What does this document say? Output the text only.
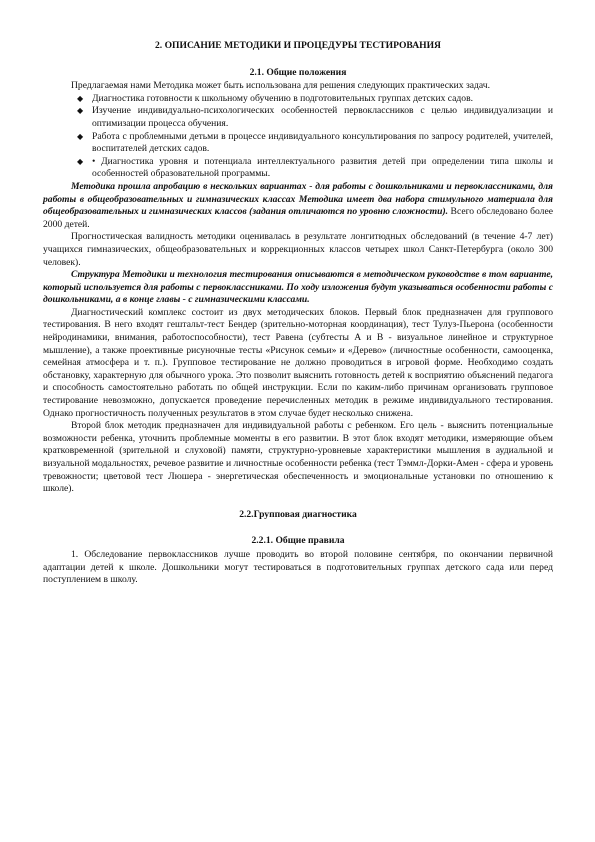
2. ОПИСАНИЕ МЕТОДИКИ И ПРОЦЕДУРЫ ТЕСТИРОВАНИЯ
2.1. Общие положения

Предлагаемая нами Методика может быть использована для решения следующих практических задач.

◆ Диагностика готовности к школьному обучению в подготовительных группах детских садов.
◆ Изучение индивидуально-психологических особенностей первоклассников с целью индивидуализации и оптимизации процесса обучения.
◆ Работа с проблемными детьми в процессе индивидуального консультирования по запросу родителей, учителей, воспитателей детских садов.
◆ • Диагностика уровня и потенциала интеллектуального развития детей при определении типа школы и особенностей образовательной программы.

Методика прошла апробацию в нескольких вариантах - для работы с дошкольниками и первоклассниками, для работы в общеобразовательных и гимназических классах Методика имеет два набора стимульного материала для общеобразовательных и гимназических классов (задания отличаются по уровню сложности). Всего обследовано более 2000 детей.

Прогностическая валидность методики оценивалась в результате лонгитюдных обследований (в течение 4-7 лет) учащихся гимназических, общеобразовательных и коррекционных классов четырех школ Санкт-Петербурга (около 300 человек).

Структура Методики и технология тестирования описываются в методическом руководстве в том варианте, который используется для работы с первоклассниками. По ходу изложения будут указываться особенности работы с дошкольниками, а в конце главы - с гимназическими классами.

Диагностический комплекс состоит из двух методических блоков. Первый блок предназначен для группового тестирования. В него входят гештальт-тест Бендер (зрительно-моторная координация), тест Тулуз-Пьерона (особенности нейродинамики, внимания, работоспособности), тест Равена (субтесты А и В - визуальное линейное и структурное мышление), а также проективные рисуночные тесты «Рисунок семьи» и «Дерево» (личностные особенности, самооценка, семейная атмосфера и т. п.). Групповое тестирование не должно проводиться в игровой форме. Необходимо создать обстановку, характерную для обычного урока. Это позволит выяснить готовность детей к восприятию объяснений педагога и способность самостоятельно работать по общей инструкции. Если по каким-либо причинам организовать групповое тестирование невозможно, допускается проведение перечисленных методик в режиме индивидуального тестирования. Однако прогностичность полученных результатов в этом случае будет несколько снижена.

Второй блок методик предназначен для индивидуальной работы с ребенком. Его цель - выяснить потенциальные возможности ребенка, уточнить проблемные моменты в его развитии. В этот блок входят методики, измеряющие объем кратковременной (зрительной и слуховой) памяти, структурно-уровневые характеристики мышления в аудиальной и визуальной модальностях, речевое развитие и личностные особенности ребенка (тест Тэммл-Дорки-Амен - сфера и уровень тревожности; цветовой тест Люшера - энергетическая обеспеченность и эмоциональные установки по отношению к школе).

2.2.Групповая диагностика
2.2.1. Общие правила

1. Обследование первоклассников лучше проводить во второй половине сентября, по окончании первичной адаптации детей к школе. Дошкольники могут тестироваться в подготовительных группах детского сада или перед поступлением в школу.
